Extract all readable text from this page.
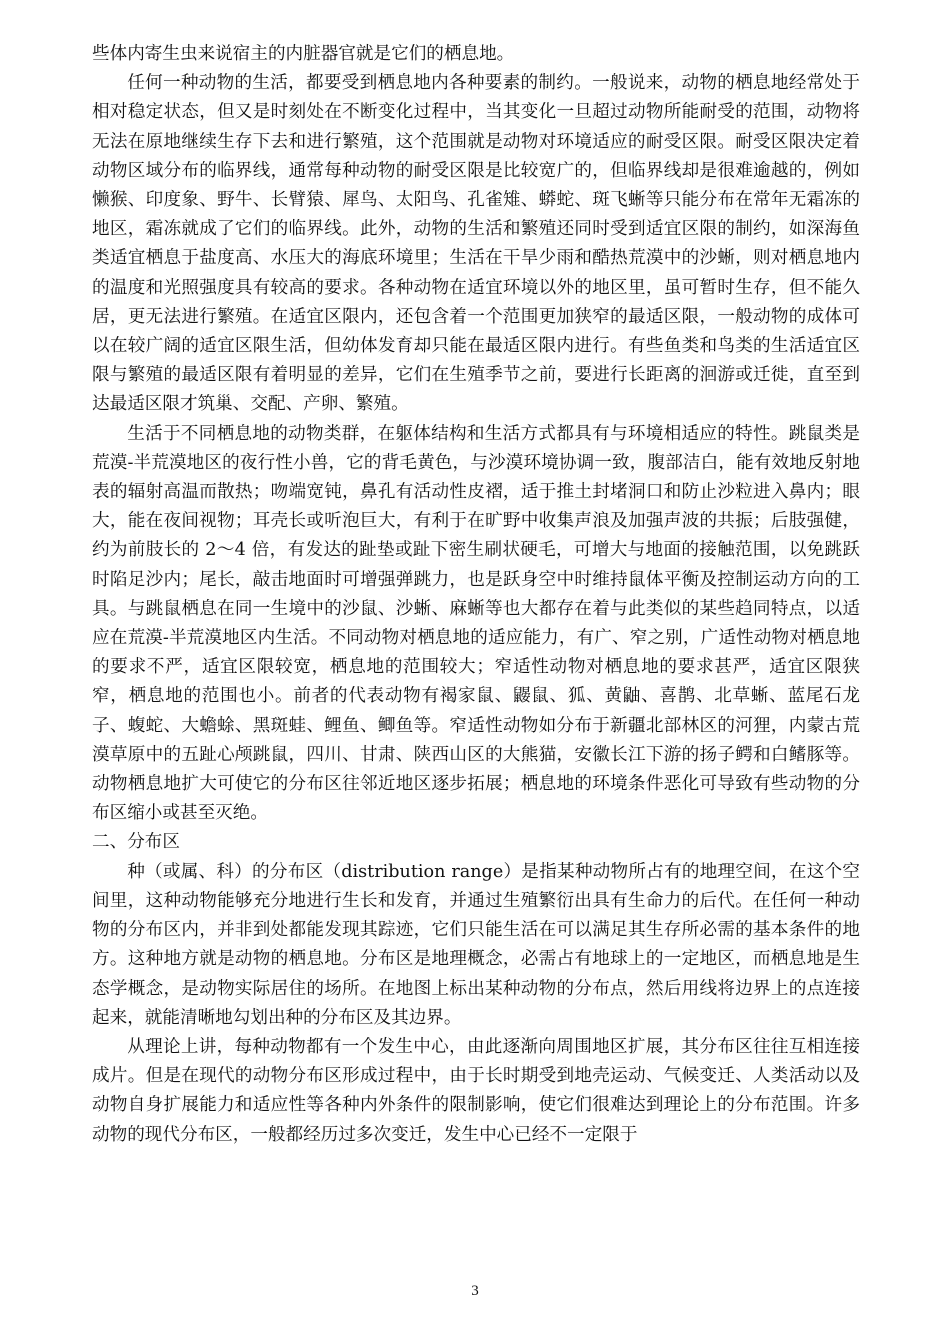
些体内寄生虫来说宿主的内脏器官就是它们的栖息地。

任何一种动物的生活，都要受到栖息地内各种要素的制约。一般说来，动物的栖息地经常处于相对稳定状态，但又是时刻处在不断变化过程中，当其变化一旦超过动物所能耐受的范围，动物将无法在原地继续生存下去和进行繁殖，这个范围就是动物对环境适应的耐受区限。耐受区限决定着动物区域分布的临界线，通常每种动物的耐受区限是比较宽广的，但临界线却是很难逾越的，例如懒猴、印度象、野牛、长臂猿、犀鸟、太阳鸟、孔雀雉、蟒蛇、斑飞蜥等只能分布在常年无霜冻的地区，霜冻就成了它们的临界线。此外，动物的生活和繁殖还同时受到适宜区限的制约，如深海鱼类适宜栖息于盐度高、水压大的海底环境里；生活在干旱少雨和酷热荒漠中的沙蜥，则对栖息地内的温度和光照强度具有较高的要求。各种动物在适宜环境以外的地区里，虽可暂时生存，但不能久居，更无法进行繁殖。在适宜区限内，还包含着一个范围更加狭窄的最适区限，一般动物的成体可以在较广阔的适宜区限生活，但幼体发育却只能在最适区限内进行。有些鱼类和鸟类的生活适宜区限与繁殖的最适区限有着明显的差异，它们在生殖季节之前，要进行长距离的洄游或迁徙，直至到达最适区限才筑巢、交配、产卵、繁殖。

生活于不同栖息地的动物类群，在躯体结构和生活方式都具有与环境相适应的特性。跳鼠类是荒漠-半荒漠地区的夜行性小兽，它的背毛黄色，与沙漠环境协调一致，腹部洁白，能有效地反射地表的辐射高温而散热；吻端宽钝，鼻孔有活动性皮褶，适于推土封堵洞口和防止沙粒进入鼻内；眼大，能在夜间视物；耳壳长或听泡巨大，有利于在旷野中收集声浪及加强声波的共振；后肢强健，约为前肢长的 2～4 倍，有发达的趾垫或趾下密生刷状硬毛，可增大与地面的接触范围，以免跳跃时陷足沙内；尾长，敲击地面时可增强弹跳力，也是跃身空中时维持鼠体平衡及控制运动方向的工具。与跳鼠栖息在同一生境中的沙鼠、沙蜥、麻蜥等也大都存在着与此类似的某些趋同特点，以适应在荒漠-半荒漠地区内生活。不同动物对栖息地的适应能力，有广、窄之别，广适性动物对栖息地的要求不严，适宜区限较宽，栖息地的范围较大；窄适性动物对栖息地的要求甚严，适宜区限狭窄，栖息地的范围也小。前者的代表动物有褐家鼠、鼹鼠、狐、黄鼬、喜鹊、北草蜥、蓝尾石龙子、蝮蛇、大蟾蜍、黑斑蛙、鲤鱼、鲫鱼等。窄适性动物如分布于新疆北部林区的河狸，内蒙古荒漠草原中的五趾心颅跳鼠，四川、甘肃、陕西山区的大熊猫，安徽长江下游的扬子鳄和白鳍豚等。动物栖息地扩大可使它的分布区往邻近地区逐步拓展；栖息地的环境条件恶化可导致有些动物的分布区缩小或甚至灭绝。

二、分布区

种（或属、科）的分布区（distribution range）是指某种动物所占有的地理空间，在这个空间里，这种动物能够充分地进行生长和发育，并通过生殖繁衍出具有生命力的后代。在任何一种动物的分布区内，并非到处都能发现其踪迹，它们只能生活在可以满足其生存所必需的基本条件的地方。这种地方就是动物的栖息地。分布区是地理概念，必需占有地球上的一定地区，而栖息地是生态学概念，是动物实际居住的场所。在地图上标出某种动物的分布点，然后用线将边界上的点连接起来，就能清晰地勾划出种的分布区及其边界。

从理论上讲，每种动物都有一个发生中心，由此逐渐向周围地区扩展，其分布区往往互相连接成片。但是在现代的动物分布区形成过程中，由于长时期受到地壳运动、气候变迁、人类活动以及动物自身扩展能力和适应性等各种内外条件的限制影响，使它们很难达到理论上的分布范围。许多动物的现代分布区，一般都经历过多次变迁，发生中心已经不一定限于

3
